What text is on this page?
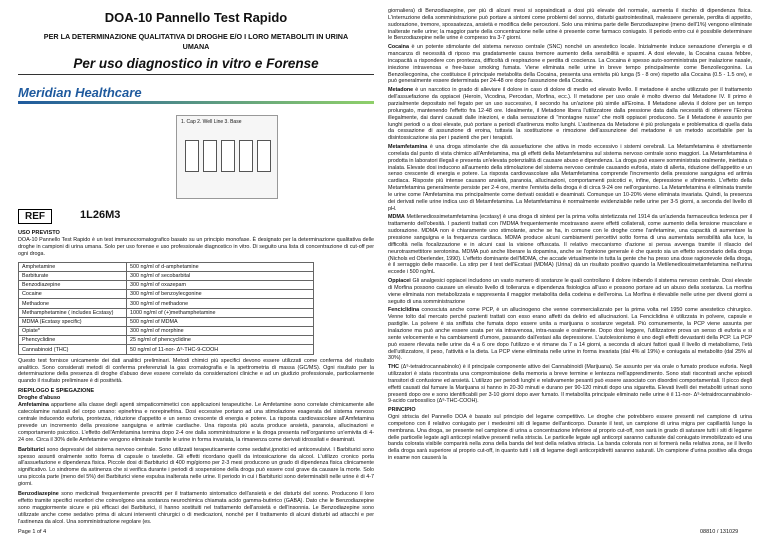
DOA-10 Pannello Test Rapido
PER LA DETERMINAZIONE QUALITATIVA DI DROGHE E/O I LORO METABOLITI IN URINA
UMANA
Per uso diagnostico in vitro e Forense
Meridian Healthcare
1. Cap 2. Well Line 3. Base
REF	1L26M3
USO PREVISTO
DOA-10 Pannello Test Rapido è un test immunocromatografico basato su un principio monofase. È designato per la determinazione qualitativa delle droghe in campioni di urina umana. Solo per uso forense e uso professionale diagnostico in vitro. Di seguito una lista di concentrazione di cut-off per ogni droga.
Amphetamine	500 ng/ml of d-amphetamine
Barbiturate	300 ng/ml of secobarbital
Benzodiazepine	300 ng/ml of oxazepam
Cocaine	300 ng/ml of benzoylecgonine
Methadone	300 ng/ml of methadone
Methamphetamine ( includes Ecstasy)	1000 ng/ml of (+)methamphetamine
MDMA (Ecstasy specific)	500 ng/ml of MDMA
Opiate*	300 ng/ml of morphine
Phencyclidine	25 ng/ml of phencyclidine
Cannabinoid (THC)	50 ng/ml of 11-nor- Δ⁹-THC-9-COOH
Questo test fornisce unicamente dei dati analitici preliminari. Metodi chimici più specifici devono essere utilizzati come conferma del risultato analitico. Sono considerati metodi di conferma preferenziali la gas cromatografia e la spettrometria di massa (GC/MS). Ogni risultato per la determinazione della presenza di droghe d'abuso deve essere correlato da considerazioni cliniche e ad un giudizio professionale, particolarmente quando il risultato preliminare è di positività.
RIEPILOGO E SPIEGAZIONE
Droghe d'abuso
Amfetamina appartiene alla classe degli agenti simpaticomimetici con applicazioni terapeutiche. Le Amfetamine sono correlate chimicamente alle catecolamine naturali del corpo umano: epinefrina e norepinefrina. Dosi eccessive portano ad una stimolazione esagerata del sistema nervoso centrale inducendo euforia, prontezza, riduzione d'appetito e un senso crescente di energia e potere. La risposta cardiovascolare all'Amfetamina prevede un incremento della pressione sanguigna e aritmie cardiache. Una risposta più acuta produce ansietà, paranoia, allucinazioni e comportamento psicotico. L'effetto dell'Amfetamina termina dopo 2-4 ore dalla somministrazione e la droga presenta nell'organismo un'emivita di 4-24 ore. Circa il 30% delle Amfetamine vengono eliminate tramite le urine in forma invariata, la rimanenza come derivati idrossilati e deaminati.
Barbiturici sono depressivi del sistema nervoso centrale. Sono utilizzati terapeuticamente come sedativi,ipnotici ed anticonvulsivi. I Barbiturici sono spesso assunti oralmente sotto forma di capsule o tavolette. Gli effetti ricordano quelli da intossicazione da alcool. L'utilizzo cronico porta all'assuefazione e dipendenza fisica. Piccole dosi di Barbiturici di 400 mg/giorno per 2-3 mesi producono un grado di dipendenza fisica clinicamente significativo. Lo sindrome da astinenza che si verifica durante i periodi di sospensione della droga può essere così grave da causare la morte. Solo una piccola parte (meno del 5%) dei Barbiturici viene espulsa inalterata nelle urine. Il periodo in cui i Barbiturici sono determinabili nelle urine è di 4-7 giorni.
Benzodiazepine sono medicinali frequentemente prescritti per il trattamento sintomatico dell'ansietà e dei disturbi del sonno. Producono il loro effetto tramite specifici recettori che coinvolgono una sostanza neurochimica chiamata acido gamma-butirrico (GABA). Dato che le Benzodiazepine sono maggiormente sicure e più efficaci dei Barbiturici, il hanno sostituiti nel trattamento dell'ansietà e dell'insonnia. Le Benzodiazepine sono utilizzate anche come sedativo prima di alcuni interventi chirurgici o di medicazioni, nonché per il trattamento di alcuni disturbi ad attacchi e per l'astinenza da alcol. Una somministrazione regolare (es.

giornaliera) di Benzodiazepine, per più di alcuni mesi si sopraindicati a dosi più elevate del normale, aumenta il rischio di dipendenza fisica. L'interruzione della somministrazione può portare a sintomi come problemi del sonno, disturbi gastrointestinali, malessere generale, perdita di appetito, sudorazione, tremore, spossatezza, ansietà e modifica delle percezioni. Solo una minima parte delle Benzodiazepine (meno dell'1%) vengono eliminate inalterate nelle urine; la maggior parte della concentrazione nelle urine è presente come farmaco coniugato. Il periodo entro cui è possibile determinare le Benzodiazepine nelle urine è compreso tra 3-7 giorni.

Cocaina è un potente stimolante del sistema nervoso centrale (SNC) nonché un anestetico locale. Inizialmente induce sensazione d'energia e di mancanza di necessità di riposo ma gradatamente causa tremore aumento della sensibilità e spasmi. A dosi elevate, la Cocaina causa febbre, incapacità a rispondere con prontezza, difficoltà di respirazione e perdita di coscienza. La Cocaina è spesso auto-somministrata per inalazione nasale, iniezione intravenosa e free-base smoking fumata. Viene eliminata nelle urine in breve tempo principalmente come Benzoilecgonina. La Benzoilecgonina, che costituisce il principale metabolita della Cocaina, presenta una emivita più lunga (5 - 8 ore) rispetto alla Cocaina (0.5 - 1.5 ore), e può generalmente essere determinata per 24-48 ore dopo l'assunzione della Cocaina.

Metadone è un narcotico in grado di alleviare il dolore in caso di dolore di medio ed elevato livello. Il metadone è anche utilizzato per il trattamento dell'assuefazione da oppiacei (Heroin, Vicodina, Percodan, Morfina, ecc.). Il metadone per uso orale è molto diverso dal Metadone IV. Il primo è parzialmente depositato nel fegato per un uso successivo, il secondo ha un'azione più simile all'Eroina. Il Metadone alleviа il dolore per un tempo prolungato, mantenendo l'effetto fra 12-48 ore. Idealmente, il Metadone libera l'utilizzatore dalla pressione data dalla necessità di ottenere l'Eroina illegalmente, dai danni causati dalle iniezioni, e dalla sensazione di "montagne russe" che molti oppiacei producono. Se il Metadone è assunto per lunghi periodi o a dosi elevate, può portare a periodi d'astinenza molto lunghi. L'astinenza da Metadone è più prolungata e problematica di quella data da cessazione di assunzione di eroina, tuttavia la sostituzione e rimozione dell'assunzione del metadone è un metodo accettabile per la disintossicazione sia per i pazienti che per i terapisti.

Metamfetamina è una droga stimolante che dà assuefazione che attiva in modo eccessivo i sistemi cerebrali. La Metamfetamina è strettamente correlata dal punto di vista chimico all'Amfetamina, ma gli effetti della Metamfetamina sul sistema nervoso centrale sono maggiori. La Metamfetamina è prodotta in laboratori illegali e presenta un'elevata potenzialità di causare abuso e dipendenza. La droga può essere somministrata oralmente, iniettata o inalata. Elevate dosi inducono all'aumento della stimolazione del sistema nervoso centrale causando euforia, stato di allerta, riduzione dell'appetito e un senso crescente di energia e potere. La risposta cardiovascolare alla Metamfetamina comprende l'incremento della pressione sanguigna ed aritmia cardiaca. Risposte più intense causano ansietà, paranoia, allucinazioni, comportamenti psicotici e, infine, depressione e sfinimento. L'effetto della Metamfetamina generalmente persiste per 2-4 ore, mentre l'emivita della droga è di circa 9-24 ore nell'organismo. La Metamfetamina è eliminata tramite le urine come l'Amfetamina ma principalmente come derivati ossidati e deaminati. Comunque un 10-20% viene eliminata invariata. Quindi, la presenza dei derivati nelle urine indica uso di Metamfetamina. La Metamfetamina è normalmente evidenziabile nelle urine per 3-5 giorni, a seconda del livello di pH.

MDMA Metilenediossimetamfetamina (ecstasy) è una droga di sintesi per la prima volta sintetizzata nel 1914 da un'azienda farmaceutica tedesca per il trattamento dell'obesità. I pazienti trattati con l'MDMA frequentemente mostravano avere effetti collaterali, come aumento della tensione muscolare e sudorazione. MDMA non è chiaramente uno stimolante, anche se ha, in comune con le droghe come l'anfetamine, una capacità di aumentare la pressione sanguigna e la frequenza cardiaca. MDMA produce alcuni cambiamenti percettivi sotto forma di una aumentata sensibilità alla luce, la difficoltà nella focalizzazione e in alcuni casi la visione offuscata. Il relativo meccanismo d'azione si pensa avvenga tramite il rilascio del neurotrasmettitore serotonina. MDMA può anche liberare la dopamina, anche se l'opinione generale è che questo sia un effetto secondario della droga (Nichols ed Oberlender, 1990). L'effetto dominante dell'MDMA, che accade virtualmente in tutta la gente che ha preso una dose ragionevole della droga, è il serraggio delle mascelle. La stirp per il test dell'Ecstasi (MDMA) (Urina) dà un risultato positivo quando la Metilenediossimetamfetamina nell'urina eccede i 500 ng/mL

Oppiacei Gli analgesici oppiacei includono un vasto numero di sostanze le quali controllano il dolore inibendo il sistema nervoso centrale. Dosi elevate di Morfina possono causare un elevato livello di tolleranza e dipendenza fisiologica all'uso e possono portare ad un abuso della sostanza. La morfina viene eliminata non metabolizzata e rappresenta il maggior metabolita della codeina e dell'eroina. La Morfina è rilevabile nelle urine per diversi giorni a seguito di una somministrazione

Fenciclidina conosciuta anche come PCP, è un allucinogeno che venne commercializzato per la prima volta nel 1950 come anestetico chirurgico. Venne tolto dal mercato perché pazienti trattati con esso erano affetti da delirio ed allucinazioni. La Fenciclidina è utilizzata in polvere, capsule e pastiglie. La polvere è sia sniffata che fumata dopo essere unita a marijuana o sostanze vegetali. Più comunemente, la PCP viene assunta per inalazione ma può anche essere usata per via intravenosa, intra-nasale e oralmente. Dopo dosi leggere, l'utilizzatore prova un senso di euforia e si sente velocemente e ha cambiamenti d'umore, passando dall'estasi alla depressione. L'autolesionismo è uno degli effetti devastanti della PCP. La PCP può essere rilevata nelle urine da 4 a 6 ore dopo l'utilizzo e vi rimane da 7 a 14 giorni, a seconda di alcuni fattori quali il livello di metabolismo, l'età dell'utilizzatore, il peso, l'attività e la dieta. La PCP viene eliminata nelle urine in forma invariata (dal 4% al 19%) e coniugata al metabolito (dal 25% al 30%).

THC (Δ⁹-tetraidrocannabinolo) è il principale componente attivo dei Cannabinoidi (Marijuana). Se assunto per via orale o fumato produce euforia. Negli utilizzatori è stata riscontrata una compromissione della memoria a breve termine e lentezza nell'apprendimento. Sono stati riscontrati anche episodi transitori di confusione ed ansietà. L'utilizzo per periodi lunghi e relativamente pesanti può essere associato con disordini comportamentali. Il picco degli effetti causati dal fumare la Marijuana si hanno in 20-30 minuti e durano per 90-120 minuti dopo una sigaretta. Elevati livelli dei metaboliti urinari sono presenti dopo ore e sono identificabili per 3-10 giorni dopo aver fumato. Il metabolita principale eliminato nelle urine è il 11-nor- Δ⁹-tetraidrocannabinolo-9-acido carbossilico (Δ⁹-THC-COOH).

PRINCIPIO

Ogni striscia del Pannello DOA è basato sul principio del legame competitivo. Le droghe che potrebbero essere presenti nel campione di urina competono con il relativo coniugato per i medesimi siti di legame dell'anticorpo. Durante il test, un campione di urina migra per capillarità lungo la membrana. Una droga, se presente nel campione di urina a concentrazione inferiore al proprio cut-off, non sarà in grado di saturare tutti i siti di legame delle particelle legate agli anticorpi relative presenti nella striscia. Le particelle legate agli anticorpi saranno catturate dal coniugato immobilizzato ed una banda colorata visibile comparirà nella zona della banda del test della relativa striscia. La banda colorata non si formerà nella relativa zona, se il livello della droga sarà superiore al proprio cut-off, in quanto tutti i siti di legame degli anticorpidiretti saranno saturati. Un campione d'urina positivo alla droga in esame non causerà la

Page 1 of 4	08810 / 131029
